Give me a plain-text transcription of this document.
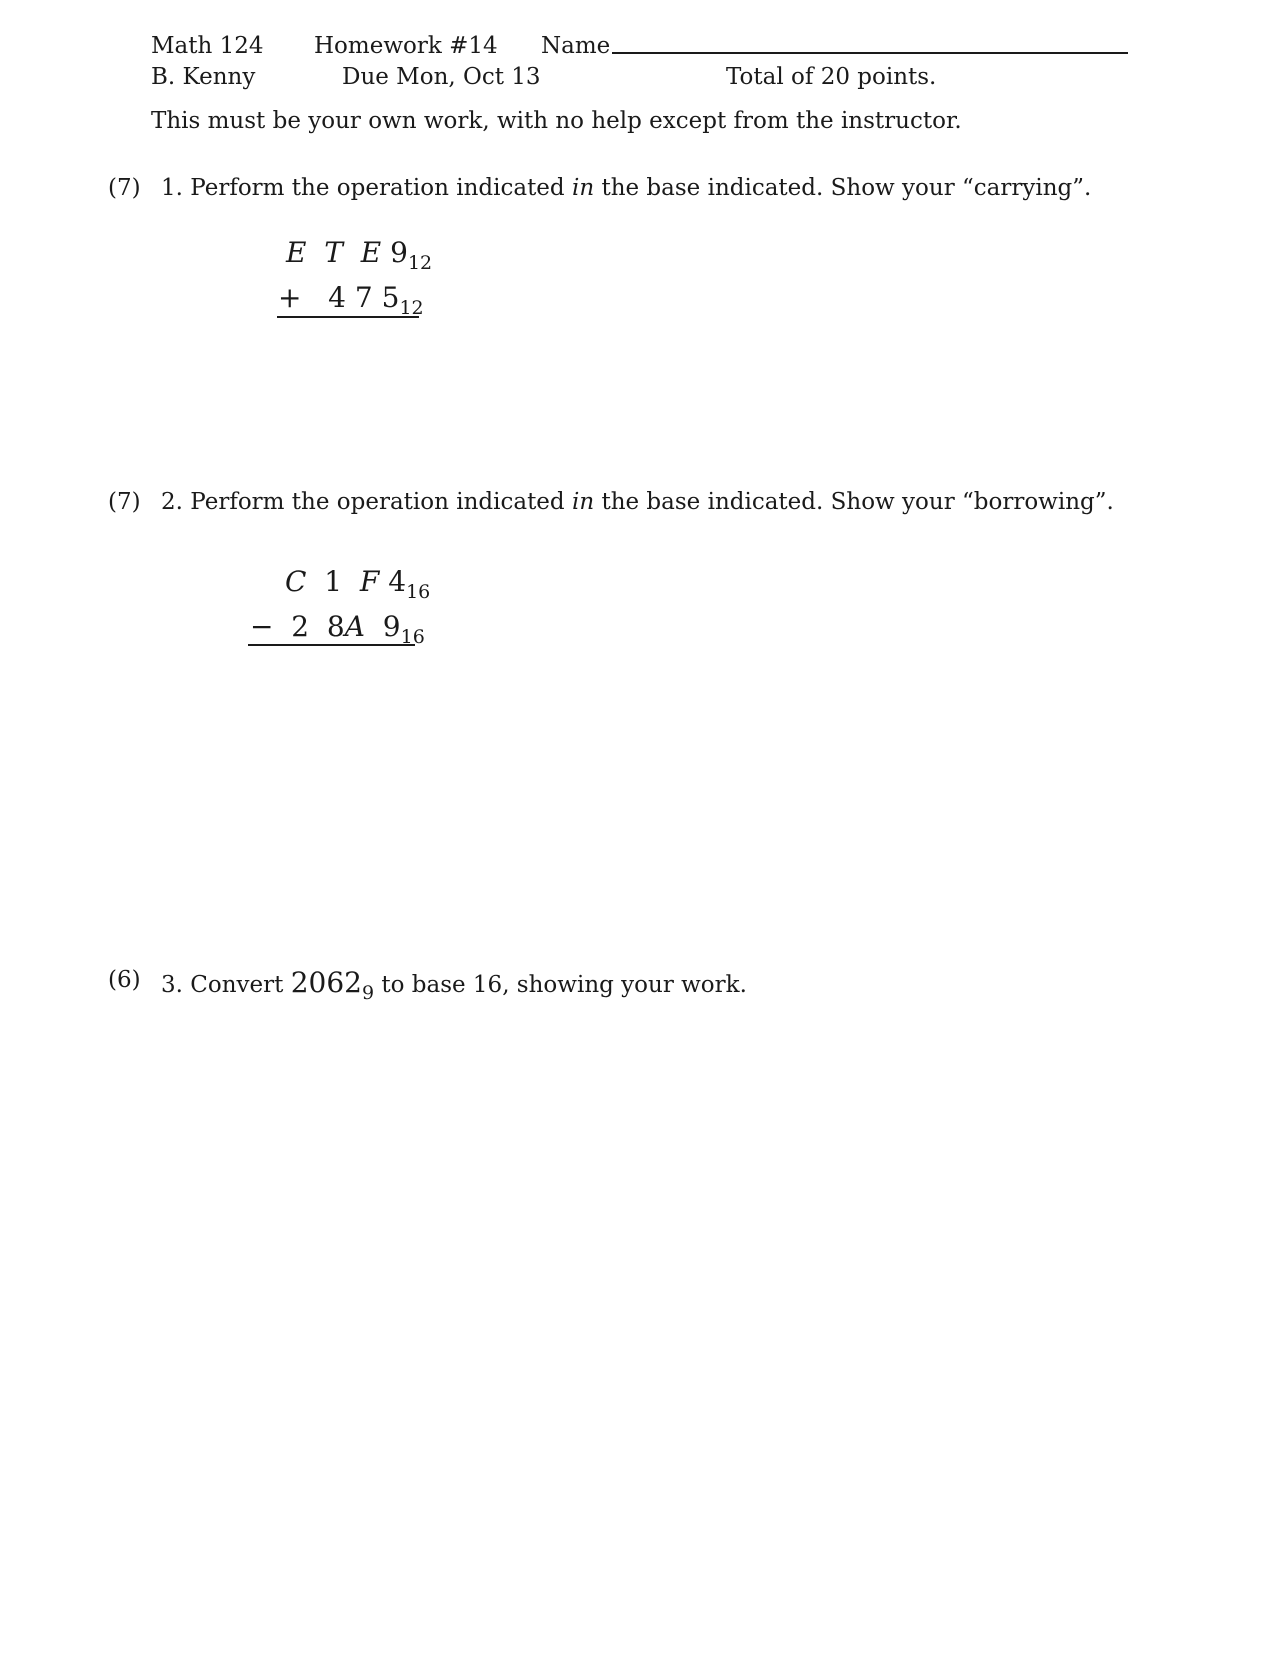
Math 124 Homework #14 Name
B. Kenny	Due Mon, Oct 13	Total of 20 points.
This must be your own work, with no help except from the instructor.
(7) 1. Perform the operation indicated in the base indicated. Show your “carrying”.
E T E $9_{12}$
+ 4 7 $5_{12}$
(7) 2. Perform the operation indicated in the base indicated. Show your “borrowing”.
C 1 F $4_{16}$
− 2 8A $9_{16}$
(6) 3. Convert $2062_9$ to base 16, showing your work.
